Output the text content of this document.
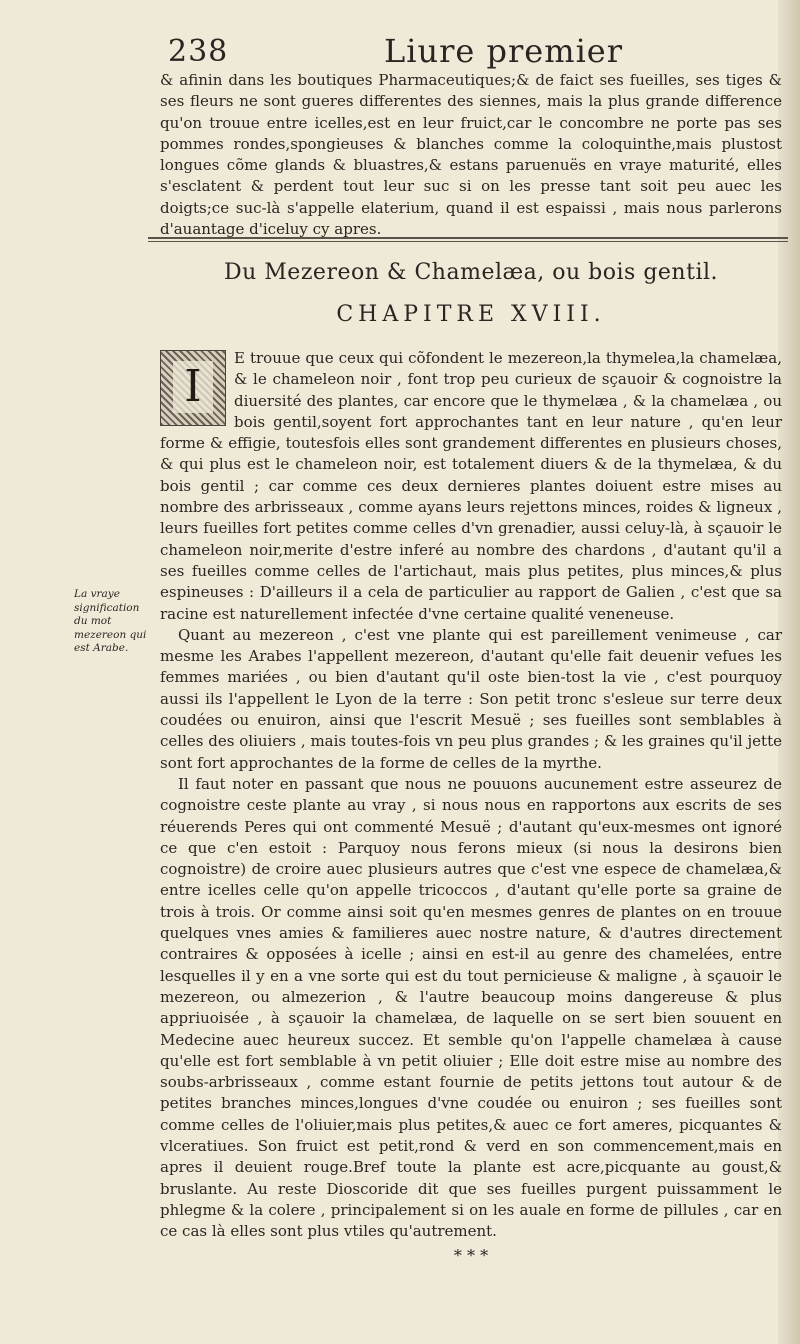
238	Liure premier

& afinin dans les boutiques Pharmaceutiques;& de faict ses fueilles, ses tiges & ses fleurs ne sont gueres differentes des siennes, mais la plus grande difference qu'on trouue entre icelles,est en leur fruict,car le concombre ne porte pas ses pommes rondes,spongieuses & blanches comme la coloquinthe,mais plustost longues cõme glands & bluastres,& estans paruenuës en vraye maturité, elles s'esclatent & perdent tout leur suc si on les presse tant soit peu auec les doigts;ce suc-là s'appelle elaterium, quand il est espaissi , mais nous parlerons d'auantage d'iceluy cy apres.

Du Mezereon & Chamelæa, ou bois gentil.
CHAPITRE XVIII.
La vraye signification du mot mezereon qui est Arabe.
I

E trouue que ceux qui cõfondent le mezereon,la thymelea,la chamelæa, & le chameleon noir , font trop peu curieux de sçauoir & cognoistre la diuersité des plantes, car encore que le thymelæa , & la chamelæa , ou bois gentil,soyent fort approchantes tant en leur nature , qu'en leur forme & effigie, toutesfois elles sont grandement differentes en plusieurs choses, & qui plus est le chameleon noir, est totalement diuers & de la thymelæa, & du bois gentil ; car comme ces deux dernieres plantes doiuent estre mises au nombre des arbrisseaux , comme ayans leurs rejettons minces, roides & ligneux , leurs fueilles fort petites comme celles d'vn grenadier, aussi celuy-là, à sçauoir le chameleon noir,merite d'estre inferé au nombre des chardons , d'autant qu'il a ses fueilles comme celles de l'artichaut, mais plus petites, plus minces,& plus espineuses : D'ailleurs il a cela de particulier au rapport de Galien , c'est que sa racine est naturellement infectée d'vne certaine qualité veneneuse.

Quant au mezereon , c'est vne plante qui est pareillement venimeuse , car mesme les Arabes l'appellent mezereon, d'autant qu'elle fait deuenir vefues les femmes mariées , ou bien d'autant qu'il oste bien-tost la vie , c'est pourquoy aussi ils l'appellent le Lyon de la terre : Son petit tronc s'esleue sur terre deux coudées ou enuiron, ainsi que l'escrit Mesuë ; ses fueilles sont semblables à celles des oliuiers , mais toutes-fois vn peu plus grandes ; & les graines qu'il jette sont fort approchantes de la forme de celles de la myrthe.

Il faut noter en passant que nous ne pouuons aucunement estre asseurez de cognoistre ceste plante au vray , si nous nous en rapportons aux escrits de ses réuerends Peres qui ont commenté Mesuë ; d'autant qu'eux-mesmes ont ignoré ce que c'en estoit : Parquoy nous ferons mieux (si nous la desirons bien cognoistre) de croire auec plusieurs autres que c'est vne espece de chamelæa,& entre icelles celle qu'on appelle tricoccos , d'autant qu'elle porte sa graine de trois à trois. Or comme ainsi soit qu'en mesmes genres de plantes on en trouue quelques vnes amies & familieres auec nostre nature, & d'autres directement contraires & opposées à icelle ; ainsi en est-il au genre des chamelées, entre lesquelles il y en a vne sorte qui est du tout pernicieuse & maligne , à sçauoir le mezereon, ou almezerion , & l'autre beaucoup moins dangereuse & plus appriuoisée , à sçauoir la chamelæa, de laquelle on se sert bien souuent en Medecine auec heureux succez. Et semble qu'on l'appelle chamelæa à cause qu'elle est fort semblable à vn petit oliuier ; Elle doit estre mise au nombre des soubs-arbrisseaux , comme estant fournie de petits jettons tout autour & de petites branches minces,longues d'vne coudée ou enuiron ; ses fueilles sont comme celles de l'oliuier,mais plus petites,& auec ce fort ameres, picquantes & vlceratiues. Son fruict est petit,rond & verd en son commencement,mais en apres il deuient rouge.Bref toute la plante est acre,picquante au goust,& bruslante. Au reste Dioscoride dit que ses fueilles purgent puissamment le phlegme & la colere , principalement si on les auale en forme de pillules , car en ce cas là elles sont plus vtiles qu'autrement.

* * *
